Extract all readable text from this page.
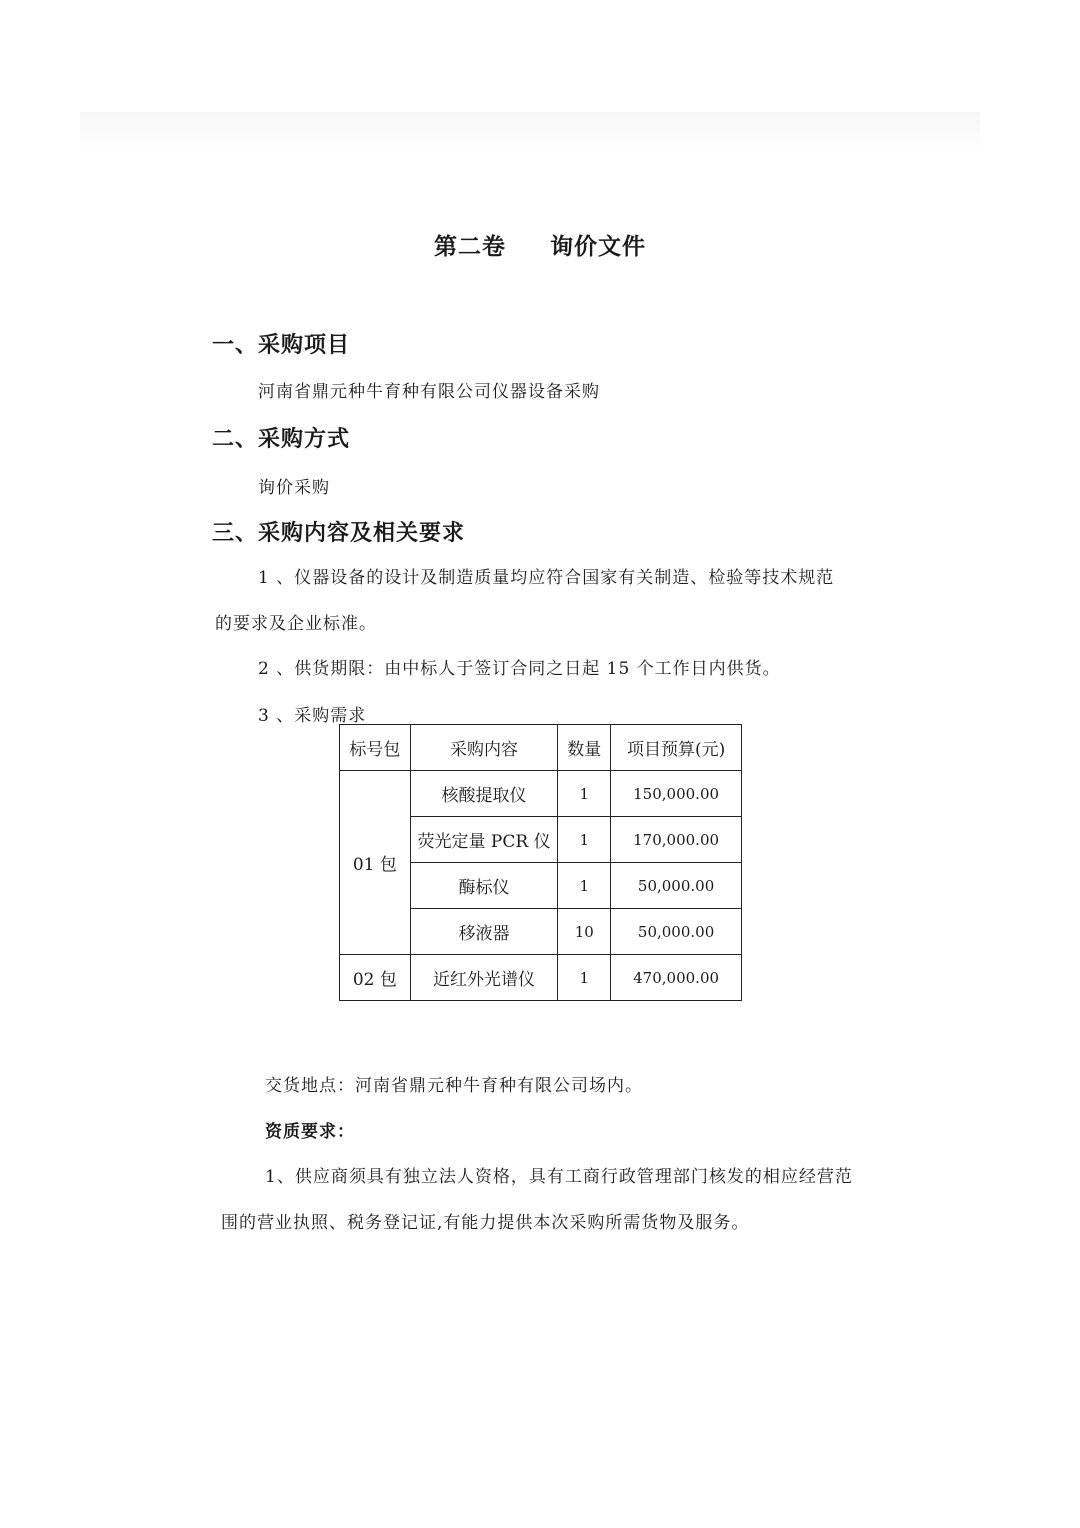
第二卷 询价文件
一、采购项目
河南省鼎元种牛育种有限公司仪器设备采购
二、采购方式
询价采购
三、采购内容及相关要求
1 、仪器设备的设计及制造质量均应符合国家有关制造、检验等技术规范
的要求及企业标准。
2 、供货期限：由中标人于签订合同之日起 15 个工作日内供货。
3 、采购需求
标号包	采购内容	数量	项目预算(元)
01 包	核酸提取仪	1	150,000.00
	荧光定量 PCR 仪	1	170,000.00
	酶标仪	1	50,000.00
	移液器	10	50,000.00
02 包	近红外光谱仪	1	470,000.00
交货地点：河南省鼎元种牛育种有限公司场内。
资质要求：
1、供应商须具有独立法人资格，具有工商行政管理部门核发的相应经营范
围的营业执照、税务登记证,有能力提供本次采购所需货物及服务。
